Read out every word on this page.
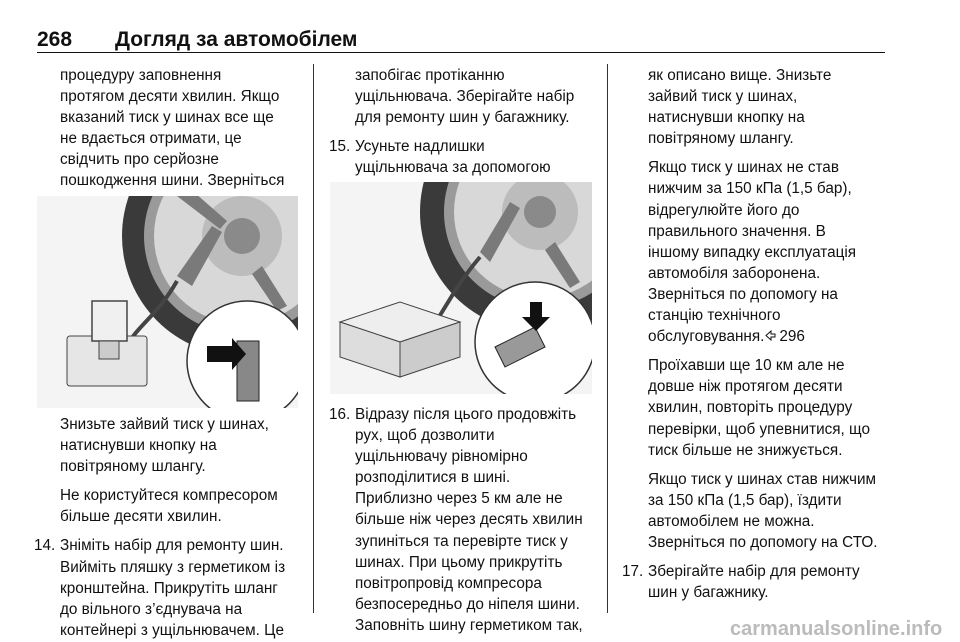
268 Догляд за автомобілем

процедуру заповнення

протягом десяти хвилин. Якщо

вказаний тиск у шинах все ще

не вдається отримати, це

свідчить про серйозне

пошкодження шини. Зверніться

Знизьте зайвий тиск у шинах,

натиснувши кнопку на

повітряному шлангу.

Не користуйтеся компресором

більше десяти хвилин.

14. Зніміть набір для ремонту шин.

Вийміть пляшку з герметиком із

кронштейна. Прикрутіть шланг

до вільного з’єднувача на

контейнері з ущільнювачем. Це

запобігає протіканню

ущільнювача. Зберігайте набір

для ремонту шин у багажнику.

15. Усуньте надлишки

ущільнювача за допомогою

16. Відразу після цього продовжіть

рух, щоб дозволити

ущільнювачу рівномірно

розподілитися в шині.

Приблизно через 5 км але не

більше ніж через десять хвилин

зупиніться та перевірте тиск у

шинах. При цьому прикрутіть

повітропровід компресора

безпосередньо до ніпеля шини.

Заповніть шину герметиком так,

як описано вище. Знизьте

зайвий тиск у шинах,

натиснувши кнопку на

повітряному шлангу.

Якщо тиск у шинах не став

нижчим за 150 кПа (1,5 бар),

відрегулюйте його до

правильного значення. В

іншому випадку експлуатація

автомобіля заборонена.

Зверніться по допомогу на

станцію технічного

обслуговування. 296

Проїхавши ще 10 км але не

довше ніж протягом десяти

хвилин, повторіть процедуру

перевірки, щоб упевнитися, що

тиск більше не знижується.

Якщо тиск у шинах став нижчим

за 150 кПа (1,5 бар), їздити

автомобілем не можна.

Зверніться по допомогу на СТО.

17. Зберігайте набір для ремонту

шин у багажнику.

carmanualsonline.info
